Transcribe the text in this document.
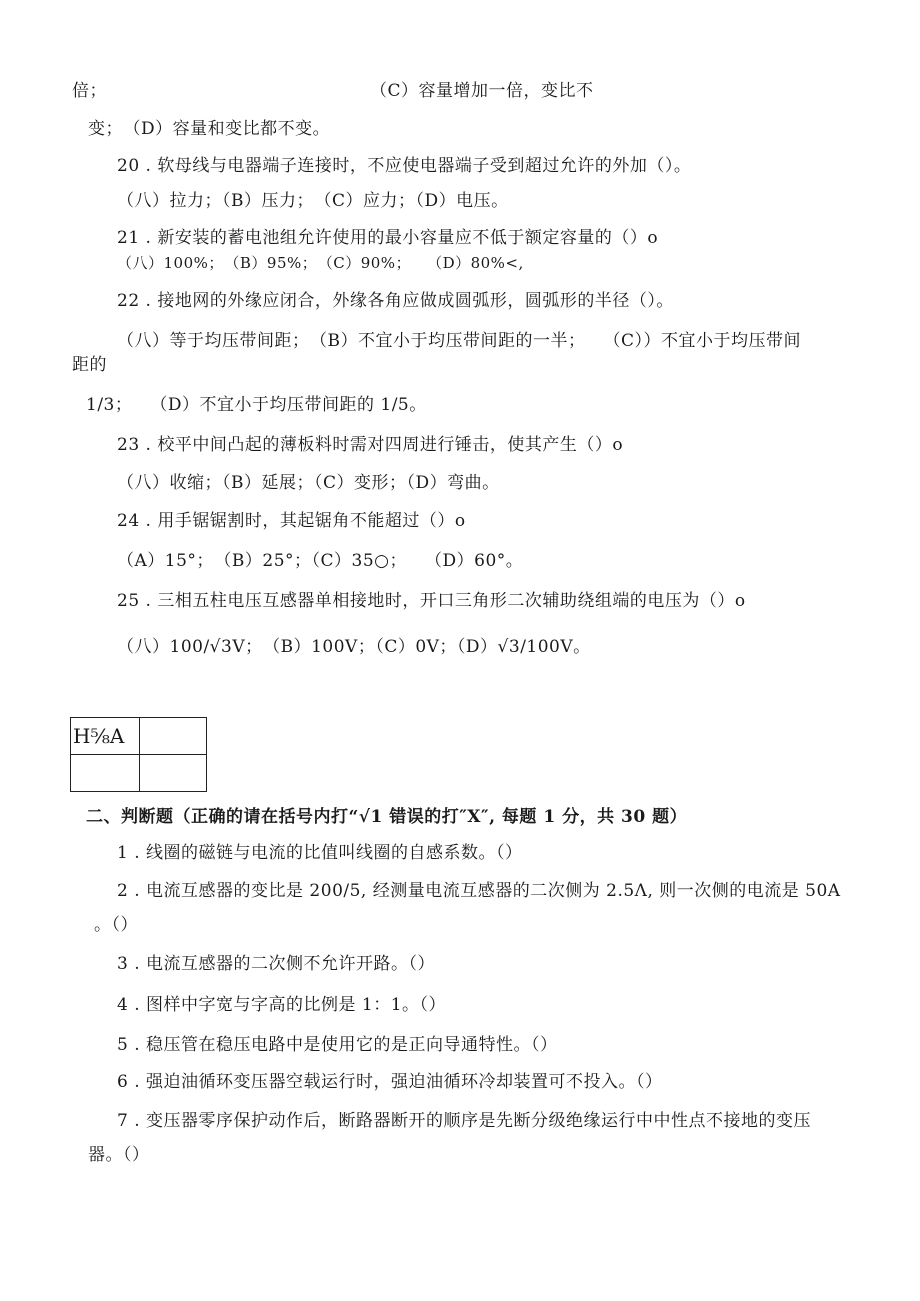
倍；	（C）容量增加一倍，变比不
变；　（D）容量和变比都不变。
20 . 软母线与电器端子连接时，不应使电器端子受到超过允许的外加（）。
（八）拉力；（B）压力；　（C）应力；（D）电压。
21 . 新安装的蓄电池组允许使用的最小容量应不低于额定容量的（）o
（八）100%；　（B）95%；　（C）90%；　　（D）80%<,
22 . 接地网的外缘应闭合，外缘各角应做成圆弧形，圆弧形的半径（）。
（八）等于均压带间距；　（B）不宜小于均压带间距的一半；　　（C））不宜小于均压带间
距的
1/3；　　（D）不宜小于均压带间距的 1/5。
23 . 校平中间凸起的薄板料时需对四周进行锤击，使其产生（）o
（八）收缩；（B）延展；（C）变形；（D）弯曲。
24 . 用手锯锯割时，其起锯角不能超过（）o
（A）15°；　（B）25°；（C）35○；　　（D）60°。
25 . 三相五柱电压互感器单相接地时，开口三角形二次辅助绕组端的电压为（）o
（八）100/√3V；　（B）100V；（C）0V；（D）√3/100V。
H⅝A	

二、判断题（正确的请在括号内打“√1 错误的打″X″, 每题 1 分，共 30 题）
1 . 线圈的磁链与电流的比值叫线圈的自感系数。（）
2 . 电流互感器的变比是 200/5, 经测量电流互感器的二次侧为 2.5Λ, 则一次侧的电流是 50A
。（）
3 . 电流互感器的二次侧不允许开路。（）
4 . 图样中字宽与字高的比例是 1：1。（）
5 . 稳压管在稳压电路中是使用它的是正向导通特性。（）
6 . 强迫油循环变压器空载运行时，强迫油循环冷却装置可不投入。（）
7 . 变压器零序保护动作后，断路器断开的顺序是先断分级绝缘运行中中性点不接地的变压
器。（）
